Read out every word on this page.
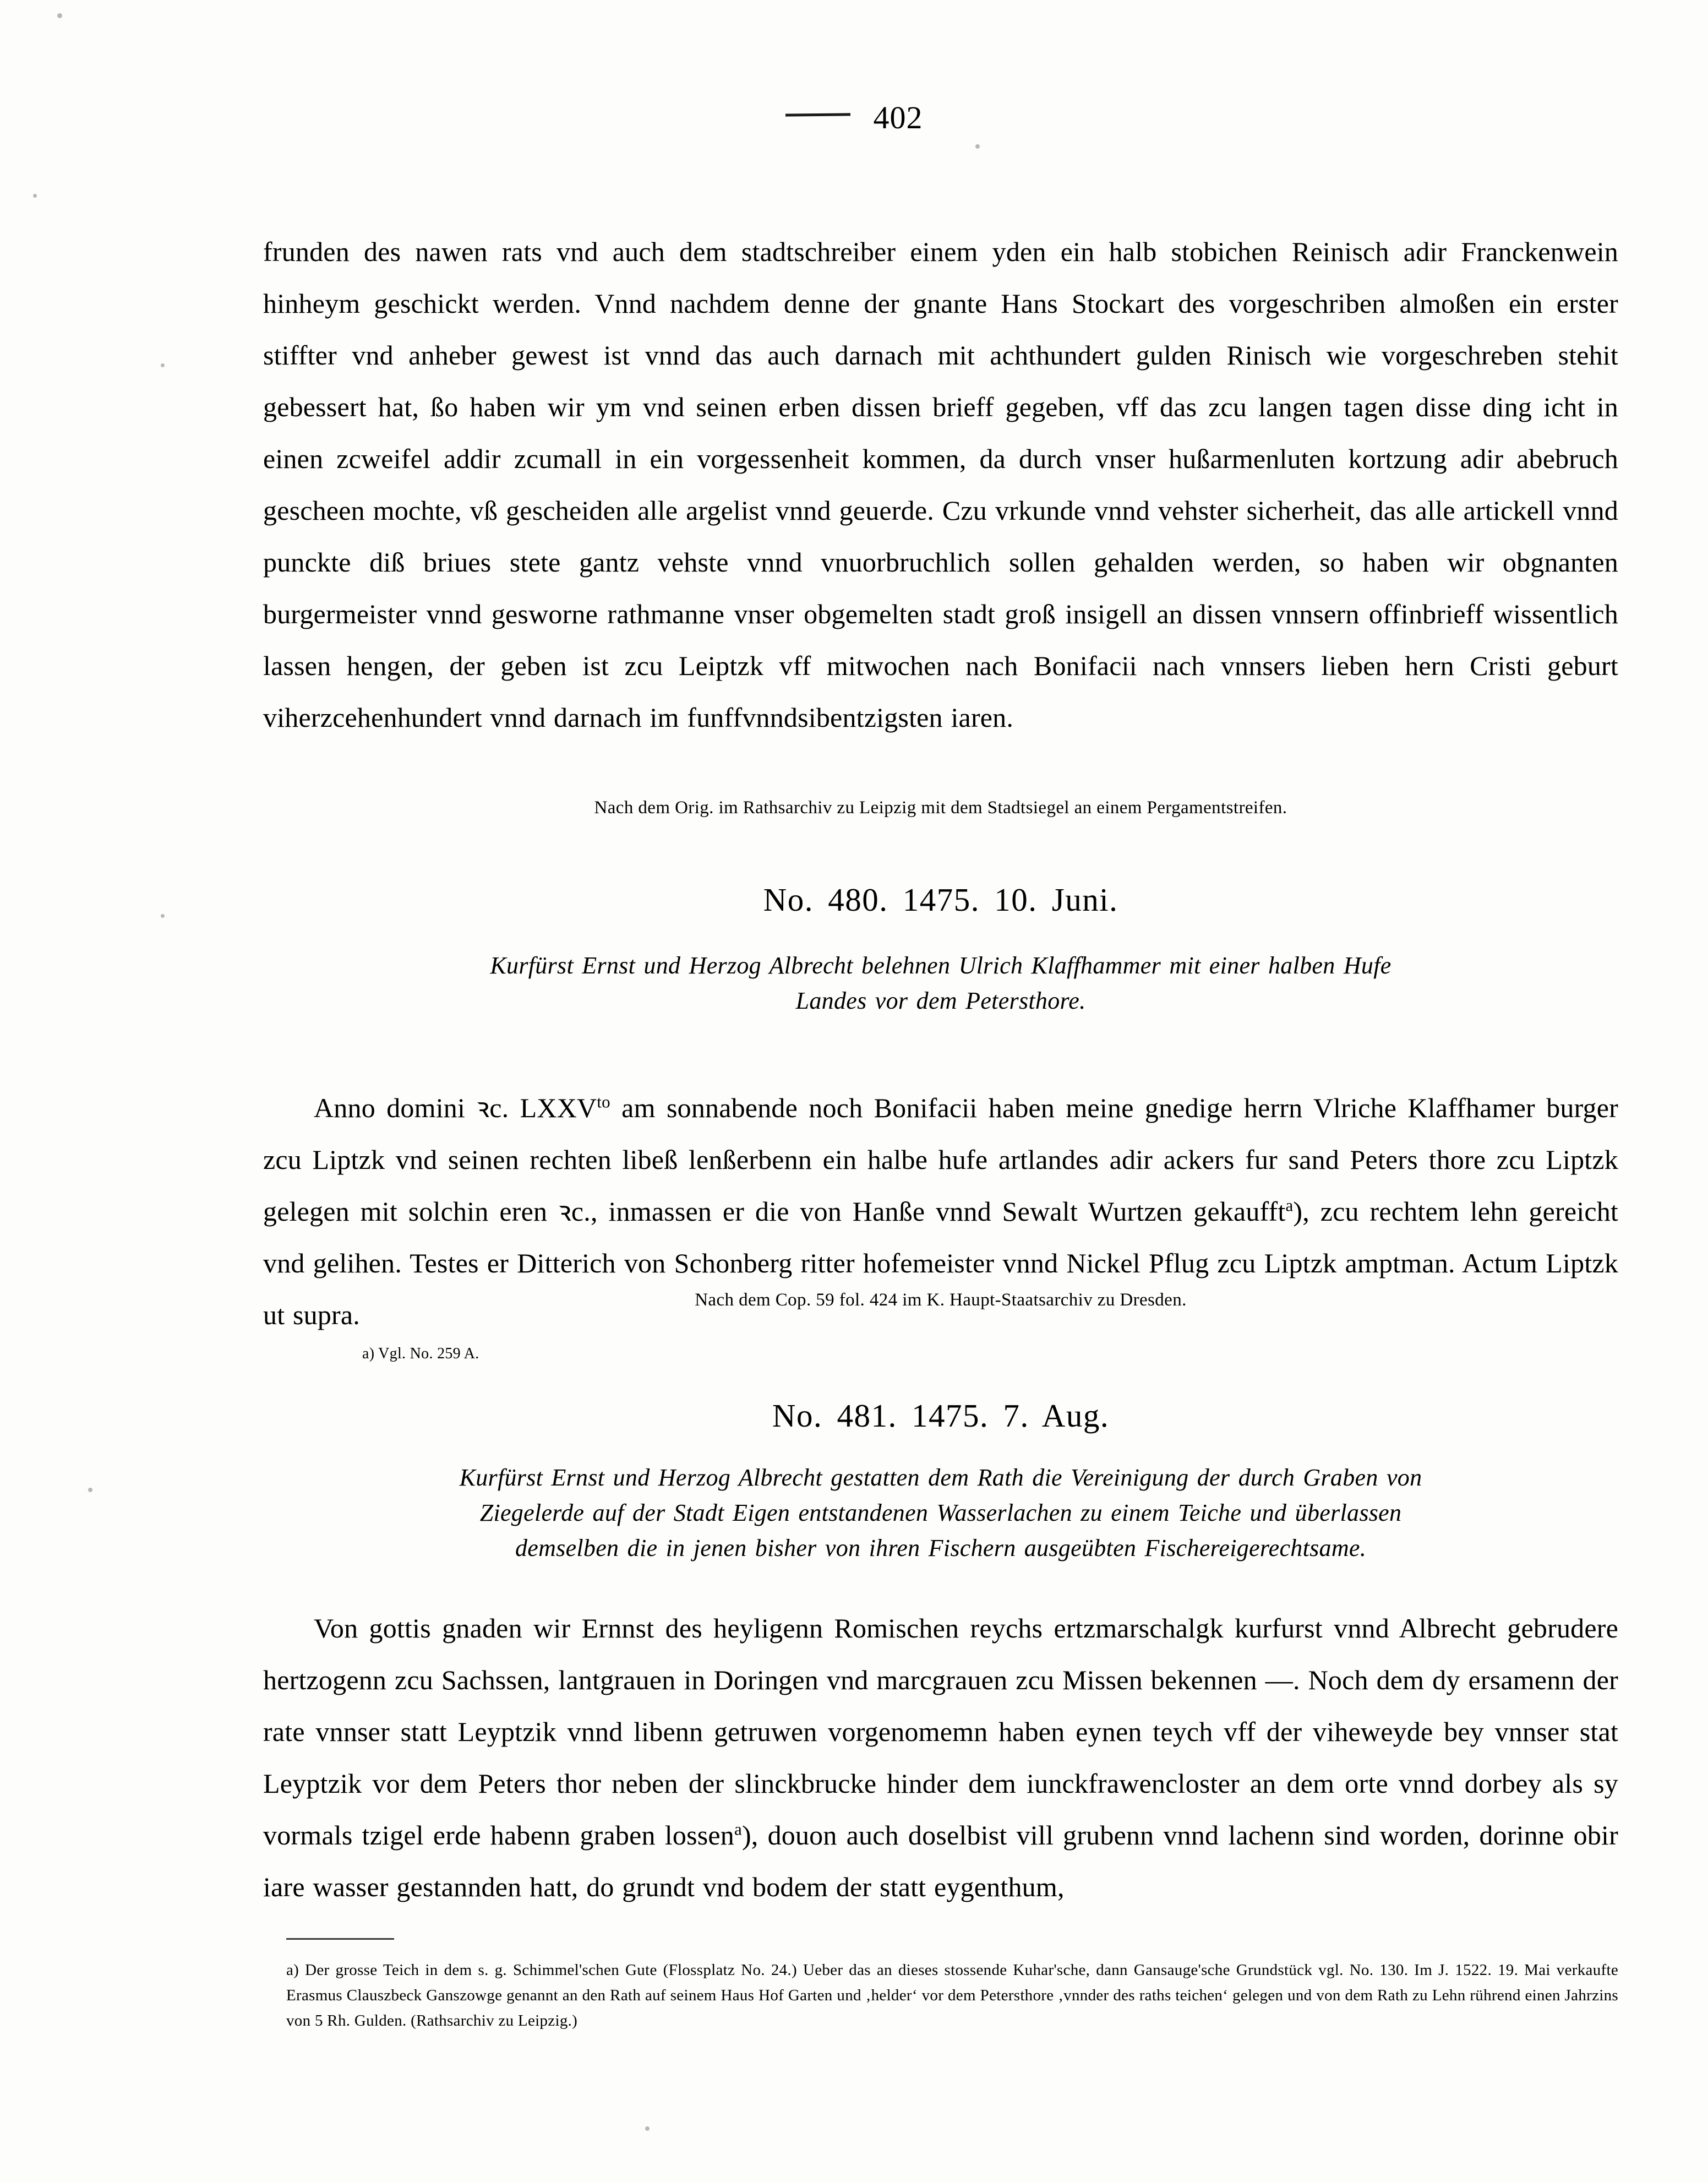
402

frunden des nawen rats vnd auch dem stadtschreiber einem yden ein halb stobichen Reinisch adir Franckenwein hinheym geschickt werden. Vnnd nachdem denne der gnante Hans Stockart des vorgeschriben almoßen ein erster stiffter vnd anheber gewest ist vnnd das auch darnach mit achthundert gulden Rinisch wie vorgeschreben stehit gebessert hat, ßo haben wir ym vnd seinen erben dissen brieff gegeben, vff das zcu langen tagen disse ding icht in einen zcweifel addir zcumall in ein vorgessenheit kommen, da durch vnser hußarmenluten kortzung adir abebruch gescheen mochte, vß gescheiden alle argelist vnnd geuerde. Czu vrkunde vnnd vehster sicherheit, das alle artickell vnnd punckte diß briues stete gantz vehste vnnd vnuorbruchlich sollen gehalden werden, so haben wir obgnanten burgermeister vnnd gesworne rathmanne vnser obgemelten stadt groß insigell an dissen vnnsern offinbrieff wissentlich lassen hengen, der geben ist zcu Leiptzk vff mitwochen nach Bonifacii nach vnnsers lieben hern Cristi geburt viherzcehenhundert vnnd darnach im funffvnndsibentzigsten iaren.

Nach dem Orig. im Rathsarchiv zu Leipzig mit dem Stadtsiegel an einem Pergamentstreifen.
No. 480. 1475. 10. Juni.
Kurfürst Ernst und Herzog Albrecht belehnen Ulrich Klaffhammer mit einer halben Hufe
Landes vor dem Petersthore.

Anno domini ꝛc. LXXV$^{to}$ am sonnabende noch Bonifacii haben meine gnedige herrn Vlriche Klaffhamer burger zcu Liptzk vnd seinen rechten libeß lenßerbenn ein halbe hufe artlandes adir ackers fur sand Peters thore zcu Liptzk gelegen mit solchin eren ꝛc., inmassen er die von Hanße vnnd Sewalt Wurtzen gekaufft$^a$), zcu rechtem lehn gereicht vnd gelihen. Testes er Ditterich von Schonberg ritter hofemeister vnnd Nickel Pflug zcu Liptzk amptman. Actum Liptzk ut supra.	Nach dem Cop. 59 fol. 424 im K. Haupt-Staatsarchiv zu Dresden.
a) Vgl. No. 259 A.
No. 481. 1475. 7. Aug.
Kurfürst Ernst und Herzog Albrecht gestatten dem Rath die Vereinigung der durch Graben von
Ziegelerde auf der Stadt Eigen entstandenen Wasserlachen zu einem Teiche und überlassen
demselben die in jenen bisher von ihren Fischern ausgeübten Fischereigerechtsame.

Von gottis gnaden wir Ernnst des heyligenn Romischen reychs ertzmarschalgk kurfurst vnnd Albrecht gebrudere hertzogenn zcu Sachssen, lantgrauen in Doringen vnd marcgrauen zcu Missen bekennen —. Noch dem dy ersamenn der rate vnnser statt Leyptzik vnnd libenn getruwen vorgenomemn haben eynen teych vff der viheweyde bey vnnser stat Leyptzik vor dem Peters thor neben der slinckbrucke hinder dem iunckfrawencloster an dem orte vnnd dorbey als sy vormals tzigel erde habenn graben lossen$^a$), douon auch doselbist vill grubenn vnnd lachenn sind worden, dorinne obir iare wasser gestannden hatt, do grundt vnd bodem der statt eygenthum,

a) Der grosse Teich in dem s. g. Schimmel'schen Gute (Flossplatz No. 24.) Ueber das an dieses stossende Kuhar'sche, dann Gansauge'sche Grundstück vgl. No. 130. Im J. 1522. 19. Mai verkaufte Erasmus Clauszbeck Ganszowge genannt an den Rath auf seinem Haus Hof Garten und ‚helder‘ vor dem Petersthore ‚vnnder des raths teichen‘ gelegen und von dem Rath zu Lehn rührend einen Jahrzins von 5 Rh. Gulden. (Rathsarchiv zu Leipzig.)
